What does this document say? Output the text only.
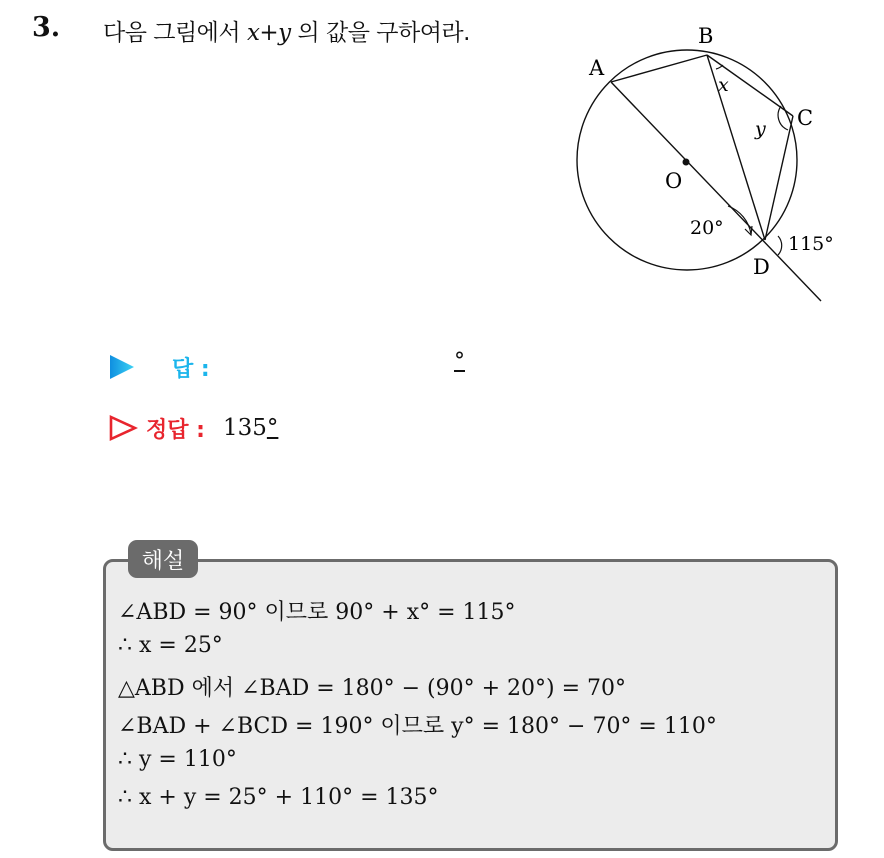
3. 다음 그림에서 x+y 의 값을 구하여라.
A
B
C
D
O
x
y
20°
115°
답 :	°
정답 : 135°
해설
∠ABD = 90° 이므로 90° + x° = 115°
∴ x = 25°
△ABD 에서 ∠BAD = 180° − (90° + 20°) = 70°
∠BAD + ∠BCD = 190° 이므로 y° = 180° − 70° = 110°
∴ y = 110°
∴ x + y = 25° + 110° = 135°
